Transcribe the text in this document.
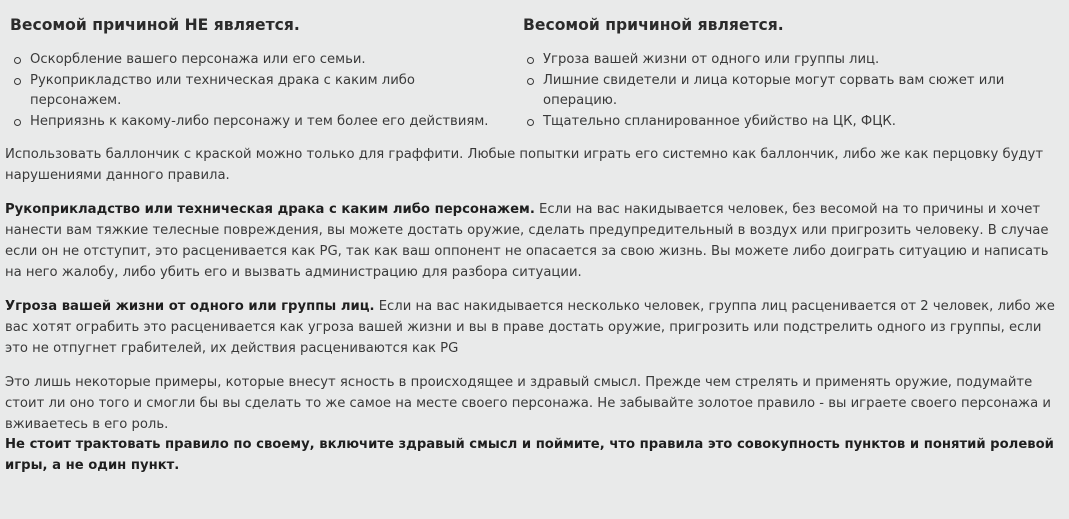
Весомой причиной НЕ является.
Оскорбление вашего персонажа или его семьи.
Рукоприкладство или техническая драка с каким либо персонажем.
Неприязнь к какому-либо персонажу и тем более его действиям.
Весомой причиной является.
Угроза вашей жизни от одного или группы лиц.
Лишние свидетели и лица которые могут сорвать вам сюжет или операцию.
Тщательно спланированное убийство на ЦК, ФЦК.

Использовать баллончик с краской можно только для граффити. Любые попытки играть его системно как баллончик, либо же как перцовку будут нарушениями данного правила.

Рукоприкладство или техническая драка с каким либо персонажем. Если на вас накидывается человек, без весомой на то причины и хочет нанести вам тяжкие телесные повреждения, вы можете достать оружие, сделать предупредительный в воздух или пригрозить человеку. В случае если он не отступит, это расценивается как PG, так как ваш оппонент не опасается за свою жизнь. Вы можете либо доиграть ситуацию и написать на него жалобу, либо убить его и вызвать администрацию для разбора ситуации.

Угроза вашей жизни от одного или группы лиц. Если на вас накидывается несколько человек, группа лиц расценивается от 2 человек, либо же вас хотят ограбить это расценивается как угроза вашей жизни и вы в праве достать оружие, пригрозить или подстрелить одного из группы, если это не отпугнет грабителей, их действия расцениваются как PG

Это лишь некоторые примеры, которые внесут ясность в происходящее и здравый смысл. Прежде чем стрелять и применять оружие, подумайте стоит ли оно того и смогли бы вы сделать то же самое на месте своего персонажа. Не забывайте золотое правило - вы играете своего персонажа и вживаетесь в его роль.

Не стоит трактовать правило по своему, включите здравый смысл и поймите, что правила это совокупность пунктов и понятий ролевой игры, а не один пункт.
